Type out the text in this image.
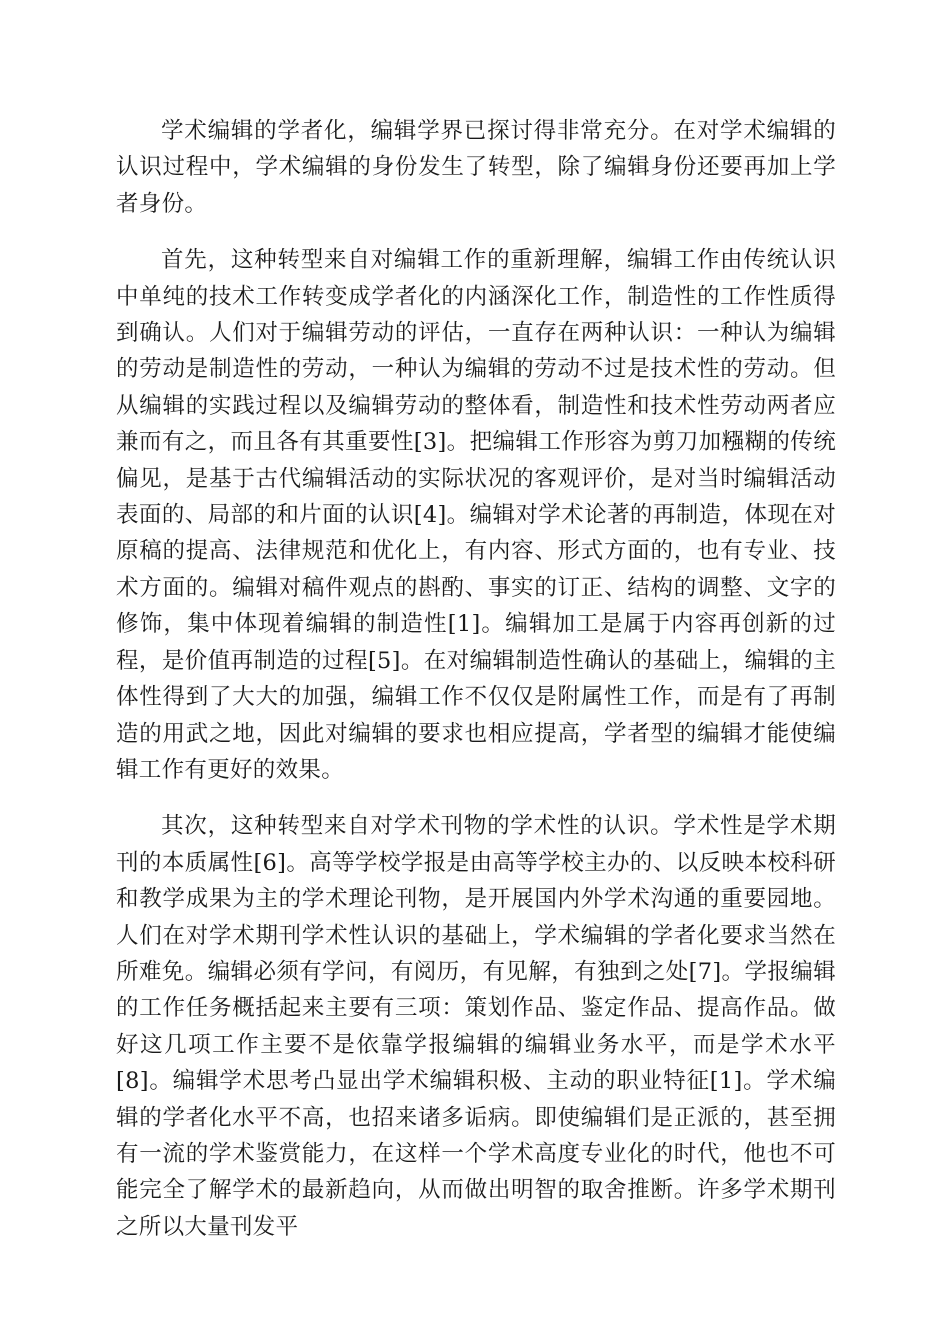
学术编辑的学者化，编辑学界已探讨得非常充分。在对学术编辑的认识过程中，学术编辑的身份发生了转型，除了编辑身份还要再加上学者身份。

首先，这种转型来自对编辑工作的重新理解，编辑工作由传统认识中单纯的技术工作转变成学者化的内涵深化工作，制造性的工作性质得到确认。人们对于编辑劳动的评估，一直存在两种认识：一种认为编辑的劳动是制造性的劳动，一种认为编辑的劳动不过是技术性的劳动。但从编辑的实践过程以及编辑劳动的整体看，制造性和技术性劳动两者应兼而有之，而且各有其重要性[3]。把编辑工作形容为剪刀加糨糊的传统偏见，是基于古代编辑活动的实际状况的客观评价，是对当时编辑活动表面的、局部的和片面的认识[4]。编辑对学术论著的再制造，体现在对原稿的提高、法律规范和优化上，有内容、形式方面的，也有专业、技术方面的。编辑对稿件观点的斟酌、事实的订正、结构的调整、文字的修饰，集中体现着编辑的制造性[1]。编辑加工是属于内容再创新的过程，是价值再制造的过程[5]。在对编辑制造性确认的基础上，编辑的主体性得到了大大的加强，编辑工作不仅仅是附属性工作，而是有了再制造的用武之地，因此对编辑的要求也相应提高，学者型的编辑才能使编辑工作有更好的效果。

其次，这种转型来自对学术刊物的学术性的认识。学术性是学术期刊的本质属性[6]。高等学校学报是由高等学校主办的、以反映本校科研和教学成果为主的学术理论刊物，是开展国内外学术沟通的重要园地。人们在对学术期刊学术性认识的基础上，学术编辑的学者化要求当然在所难免。编辑必须有学问，有阅历，有见解，有独到之处[7]。学报编辑的工作任务概括起来主要有三项：策划作品、鉴定作品、提高作品。做好这几项工作主要不是依靠学报编辑的编辑业务水平，而是学术水平[8]。编辑学术思考凸显出学术编辑积极、主动的职业特征[1]。学术编辑的学者化水平不高，也招来诸多诟病。即使编辑们是正派的，甚至拥有一流的学术鉴赏能力，在这样一个学术高度专业化的时代，他也不可能完全了解学术的最新趋向，从而做出明智的取舍推断。许多学术期刊之所以大量刊发平
